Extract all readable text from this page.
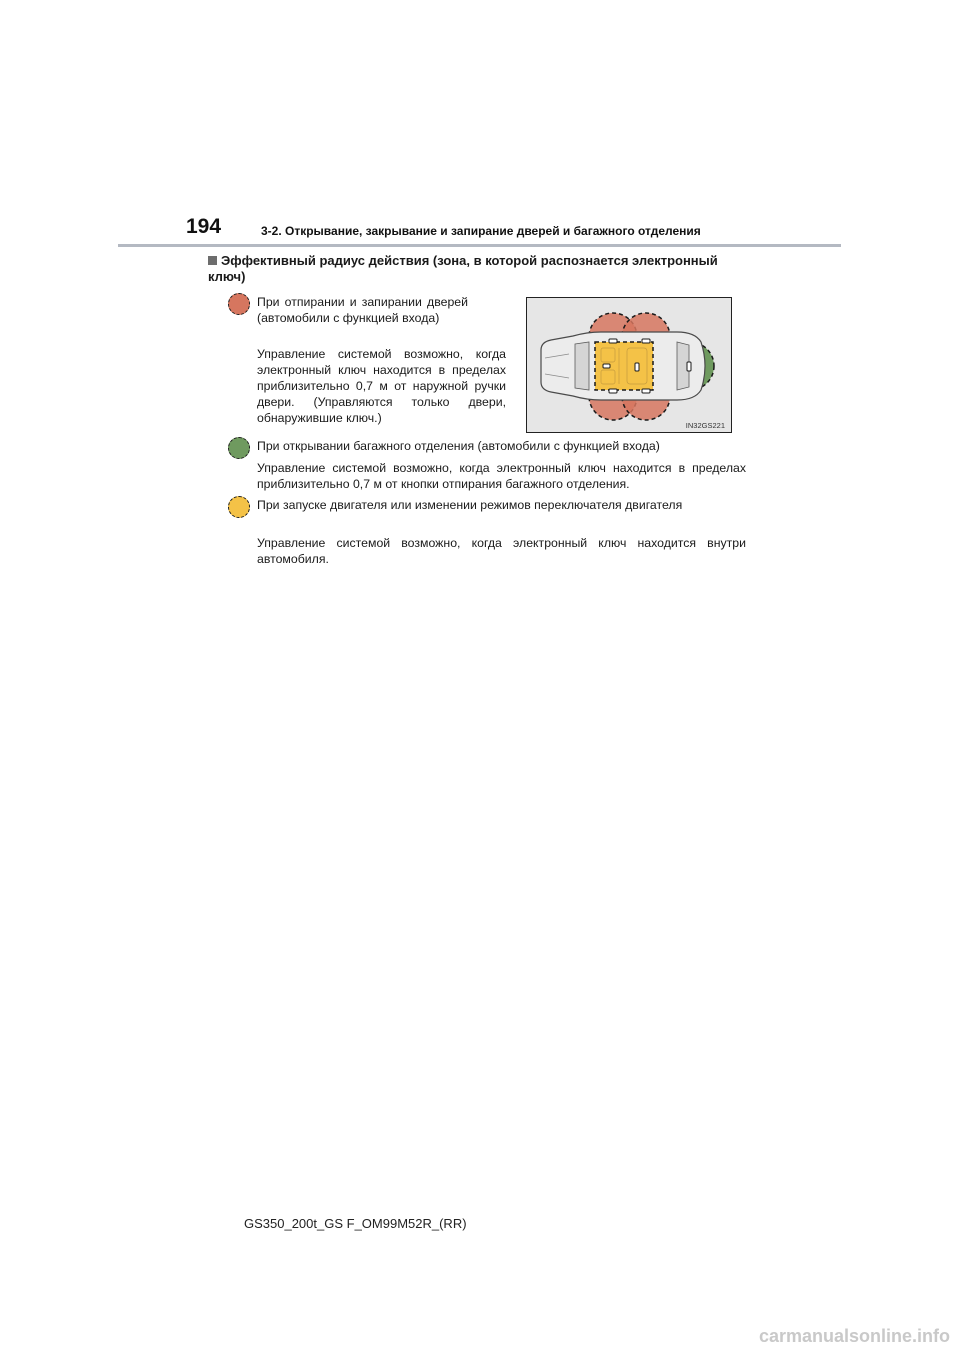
194	3-2. Открывание, закрывание и запирание дверей и багажного отделения
Эффективный радиус действия (зона, в которой распознается электронный ключ)

При отпирании и запирании дверей (автомобили с функцией входа)

Управление системой возможно, когда электронный ключ находится в пределах приблизительно 0,7 м от наружной ручки двери. (Управляются только двери, обнаружившие ключ.)

IN32GS221

При открывании багажного отделения (автомобили с функцией входа)

Управление системой возможно, когда электронный ключ находится в пределах приблизительно 0,7 м от кнопки отпирания багажного отделения.

При запуске двигателя или изменении режимов переключателя двигателя

Управление системой возможно, когда электронный ключ находится внутри автомобиля.

GS350_200t_GS F_OM99M52R_(RR)
carmanualsonline.info
